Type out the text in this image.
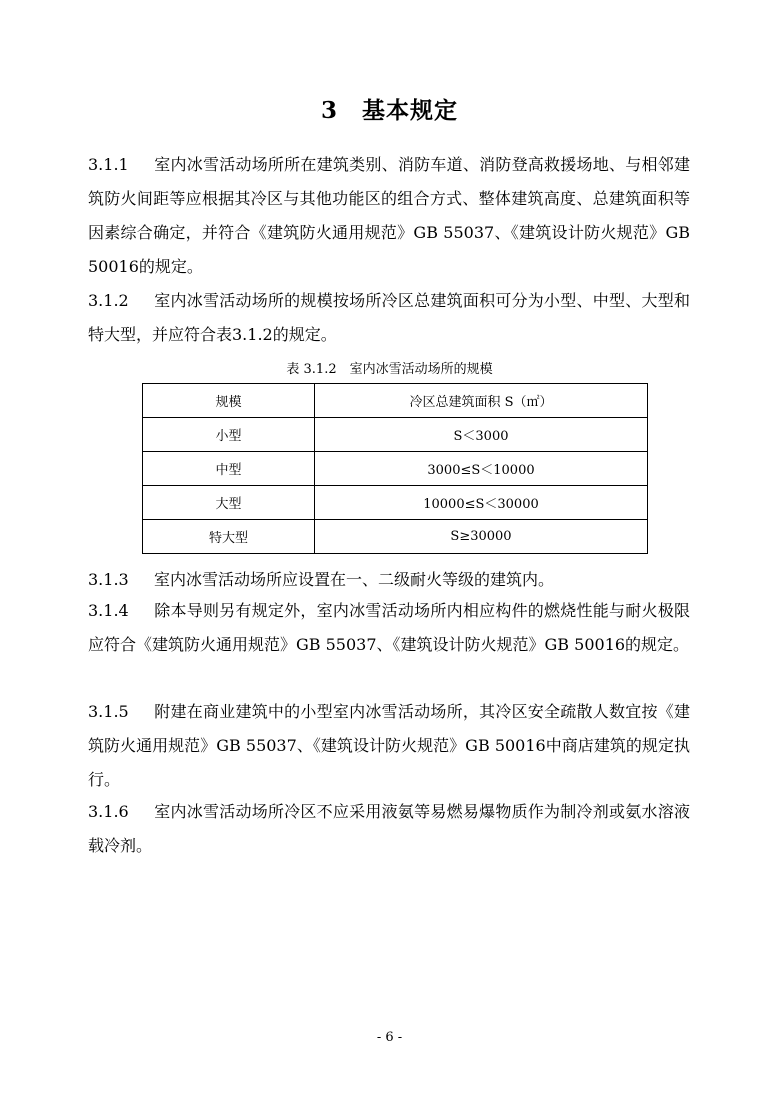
3　基本规定
3.1.1 室内冰雪活动场所所在建筑类别、消防车道、消防登高救援场地、与相邻建筑防火间距等应根据其冷区与其他功能区的组合方式、整体建筑高度、总建筑面积等因素综合确定，并符合《建筑防火通用规范》GB 55037、《建筑设计防火规范》GB 50016的规定。
3.1.2 室内冰雪活动场所的规模按场所冷区总建筑面积可分为小型、中型、大型和特大型，并应符合表3.1.2的规定。
表 3.1.2　室内冰雪活动场所的规模
规模	冷区总建筑面积 S（㎡）
小型	S＜3000
中型	3000≤S＜10000
大型	10000≤S＜30000
特大型	S≥30000
3.1.3 室内冰雪活动场所应设置在一、二级耐火等级的建筑内。
3.1.4 除本导则另有规定外，室内冰雪活动场所内相应构件的燃烧性能与耐火极限应符合《建筑防火通用规范》GB 55037、《建筑设计防火规范》GB 50016的规定。
3.1.5 附建在商业建筑中的小型室内冰雪活动场所，其冷区安全疏散人数宜按《建筑防火通用规范》GB 55037、《建筑设计防火规范》GB 50016中商店建筑的规定执行。
3.1.6 室内冰雪活动场所冷区不应采用液氨等易燃易爆物质作为制冷剂或氨水溶液载冷剂。
- 6 -
